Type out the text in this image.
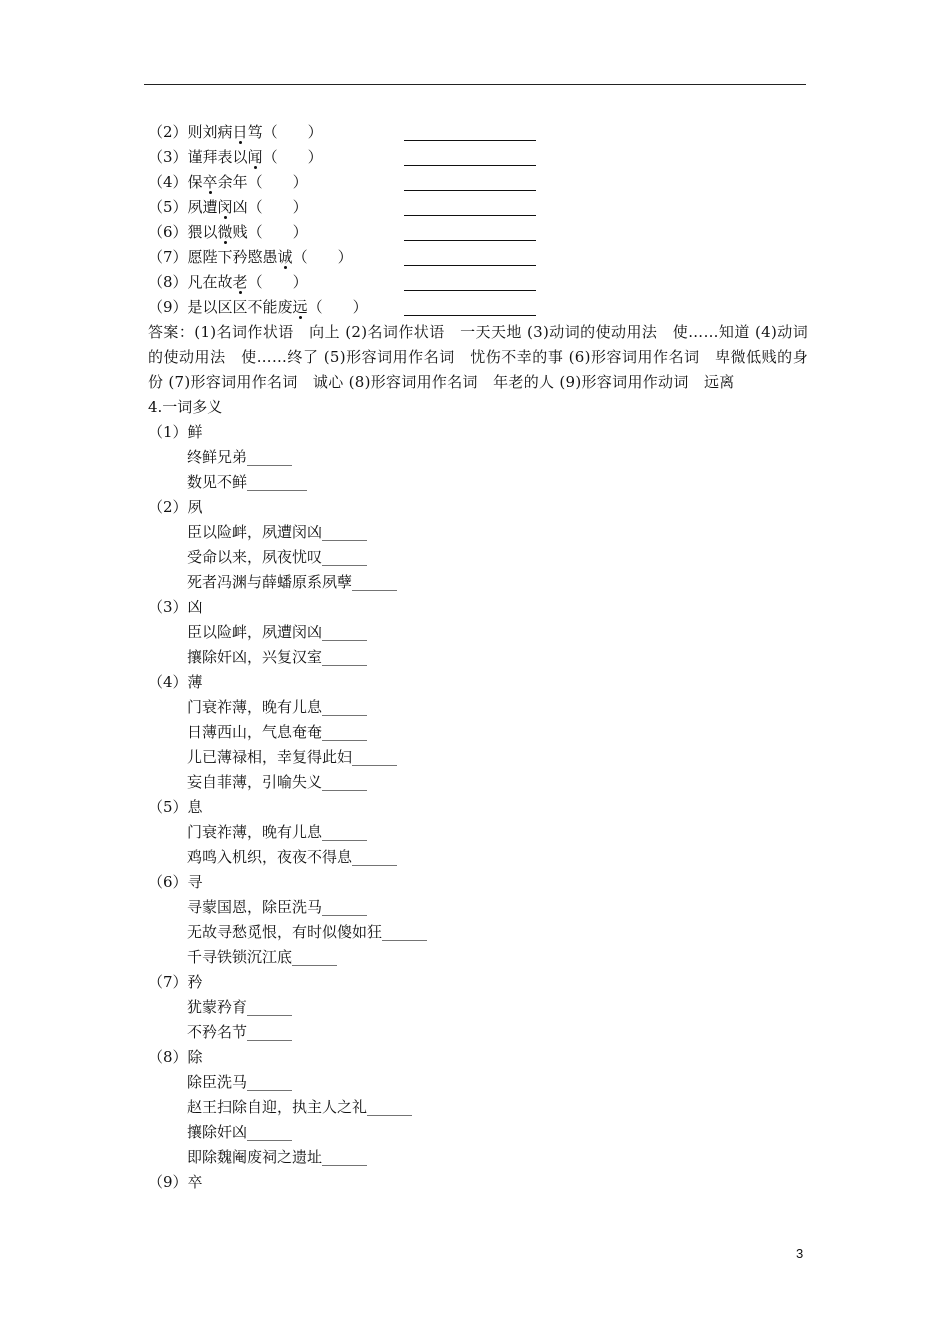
（2）则刘病日笃（　　）
（3）谨拜表以闻（　　）
（4）保卒余年（　　）
（5）夙遭闵凶（　　）
（6）猥以微贱（　　）
（7）愿陛下矜愍愚诚（　　）
（8）凡在故老（　　）
（9）是以区区不能废远（　　）
答案：(1)名词作状语　向上 (2)名词作状语　一天天地 (3)动词的使动用法　使……知道 (4)动词的使动用法　使……终了 (5)形容词用作名词　忧伤不幸的事 (6)形容词用作名词　卑微低贱的身份 (7)形容词用作名词　诚心 (8)形容词用作名词　年老的人 (9)形容词用作动词　远离
4.一词多义
（1）鲜
终鲜兄弟______
数见不鲜________
（2）夙
臣以险衅，夙遭闵凶______
受命以来，夙夜忧叹______
死者冯渊与薛蟠原系夙孽______
（3）凶
臣以险衅，夙遭闵凶______
攘除奸凶，兴复汉室______
（4）薄
门衰祚薄，晚有儿息______
日薄西山，气息奄奄______
儿已薄禄相，幸复得此妇______
妄自菲薄，引喻失义______
（5）息
门衰祚薄，晚有儿息______
鸡鸣入机织，夜夜不得息______
（6）寻
寻蒙国恩，除臣洗马______
无故寻愁觅恨，有时似傻如狂______
千寻铁锁沉江底______
（7）矜
犹蒙矜育______
不矜名节______
（8）除
除臣洗马______
赵王扫除自迎，执主人之礼______
攘除奸凶______
即除魏阉废祠之遗址______
（9）卒
3
